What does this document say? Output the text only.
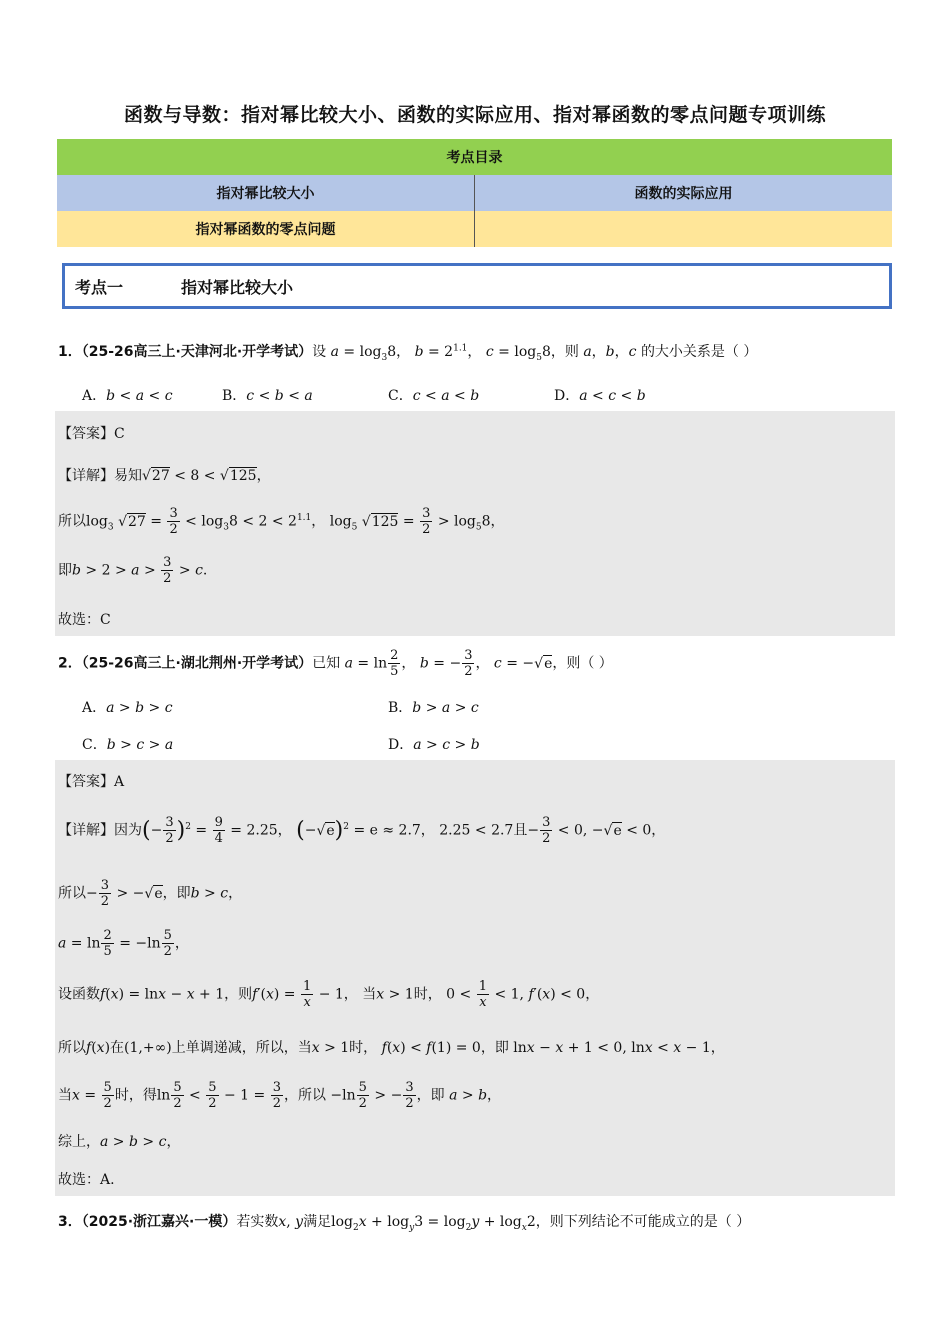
函数与导数：指对幂比较大小、函数的实际应用、指对幂函数的零点问题专项训练
考点目录	
指对幂比较大小	函数的实际应用
指对幂函数的零点问题	
考点一	指对幂比较大小
1．（25-26高三上·天津河北·开学考试）设 $a = \log_38$， $b = 2^{1.1}$， $c = \log_58$，则 a，b，c 的大小关系是（ ）
A．b < a < c	B．c < b < a	C．c < a < b	D．a < c < b
【答案】C
【详解】易知 √ 27 < 8 < √ 125，
所以$\log_3$ √ $27 = \frac{3}{2} < \log_38 < 2 < 2^{1.1}$， $\log_5$ √ $125 = \frac{3}{2} > \log_58$，
即$b > 2 > a > \frac{3}{2} > c$.
故选：C
2．（25-26高三上·湖北荆州·开学考试）已知 $a = \ln \frac{2}{5}$ ， b = − $\frac{3}{2}$ ， c = − √ e，则（ ）
A．a > b > c	B．b > a > c
C．b > c > a	D．a > c > b
【答案】A
【详解】因为(− $\frac{3}{2} )^2 = \frac{9}{4} = 2.25$， (− √ e)$^2$ = e ≈ 2.7， 2.25 < 2.7且− $\frac{3}{2} < 0$, − √ e < 0，
所以− $\frac{3}{2}$ > − √ e，即b > c，
$a = \ln \frac{2}{5} = -\ln \frac{5}{2}$ ，
设函数f(x) = lnx − x + 1，则$f'(x) = \frac{1}{x} - 1$， 当x > 1时， $0 < \frac{1}{x} < 1$, f′(x) < 0，
所以f(x)在(1,+∞)上单调递减，所以，当x > 1时， f(x) < f(1) = 0，即 lnx − x + 1 < 0, lnx < x − 1，
当$x = \frac{5}{2}$ 时，得$\ln \frac{5}{2} < \frac{5}{2} - 1 = \frac{3}{2}$ ，所以 $-\ln \frac{5}{2}$ > − $\frac{3}{2}$ ，即 a > b，
综上，a > b > c，
故选：A.
3．（2025·浙江嘉兴·一模）若实数x, y满足$\log_2x + \log_y3 = \log_2y + \log_x2$，则下列结论不可能成立的是（ ）
